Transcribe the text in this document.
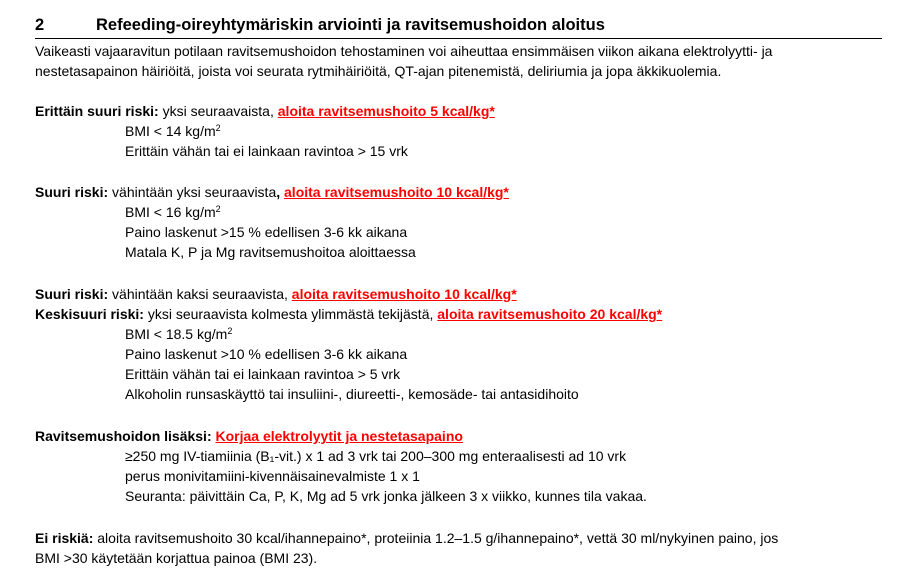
2	Refeeding-oireyhtymäriskin arviointi ja ravitsemushoidon aloitus
Vaikeasti vajaaravitun potilaan ravitsemushoidon tehostaminen voi aiheuttaa ensimmäisen viikon aikana elektrolyytti- ja
nestetasapainon häiriöitä, joista voi seurata rytmihäiriöitä, QT-ajan pitenemistä, deliriumia ja jopa äkkikuolemia.
Erittäin suuri riski: yksi seuraavaista, aloita ravitsemushoito 5 kcal/kg*
BMI < 14 $kg/m^2$
Erittäin vähän tai ei lainkaan ravintoa > 15 vrk
Suuri riski: vähintään yksi seuraavista, aloita ravitsemushoito 10 kcal/kg*
BMI < 16 $kg/m^2$
Paino laskenut >15 % edellisen 3-6 kk aikana
Matala K, P ja Mg ravitsemushoitoa aloittaessa
Suuri riski: vähintään kaksi seuraavista, aloita ravitsemushoito 10 kcal/kg*
Keskisuuri riski: yksi seuraavista kolmesta ylimmästä tekijästä, aloita ravitsemushoito 20 kcal/kg*
BMI < 18.5 $kg/m^2$
Paino laskenut >10 % edellisen 3-6 kk aikana
Erittäin vähän tai ei lainkaan ravintoa > 5 vrk
Alkoholin runsaskäyttö tai insuliini-, diureetti-, kemosäde- tai antasidihoito
Ravitsemushoidon lisäksi: Korjaa elektrolyytit ja nestetasapaino
≥250 mg IV-tiamiinia (B₁-vit.) x 1 ad 3 vrk tai 200–300 mg enteraalisesti ad 10 vrk
perus monivitamiini-kivennäisainevalmiste 1 x 1
Seuranta: päivittäin Ca, P, K, Mg ad 5 vrk jonka jälkeen 3 x viikko, kunnes tila vakaa.
Ei riskiä: aloita ravitsemushoito 30 kcal/ihannepaino*, proteiinia 1.2–1.5 g/ihannepaino*, vettä 30 ml/nykyinen paino, jos
BMI >30 käytetään korjattua painoa (BMI 23).
